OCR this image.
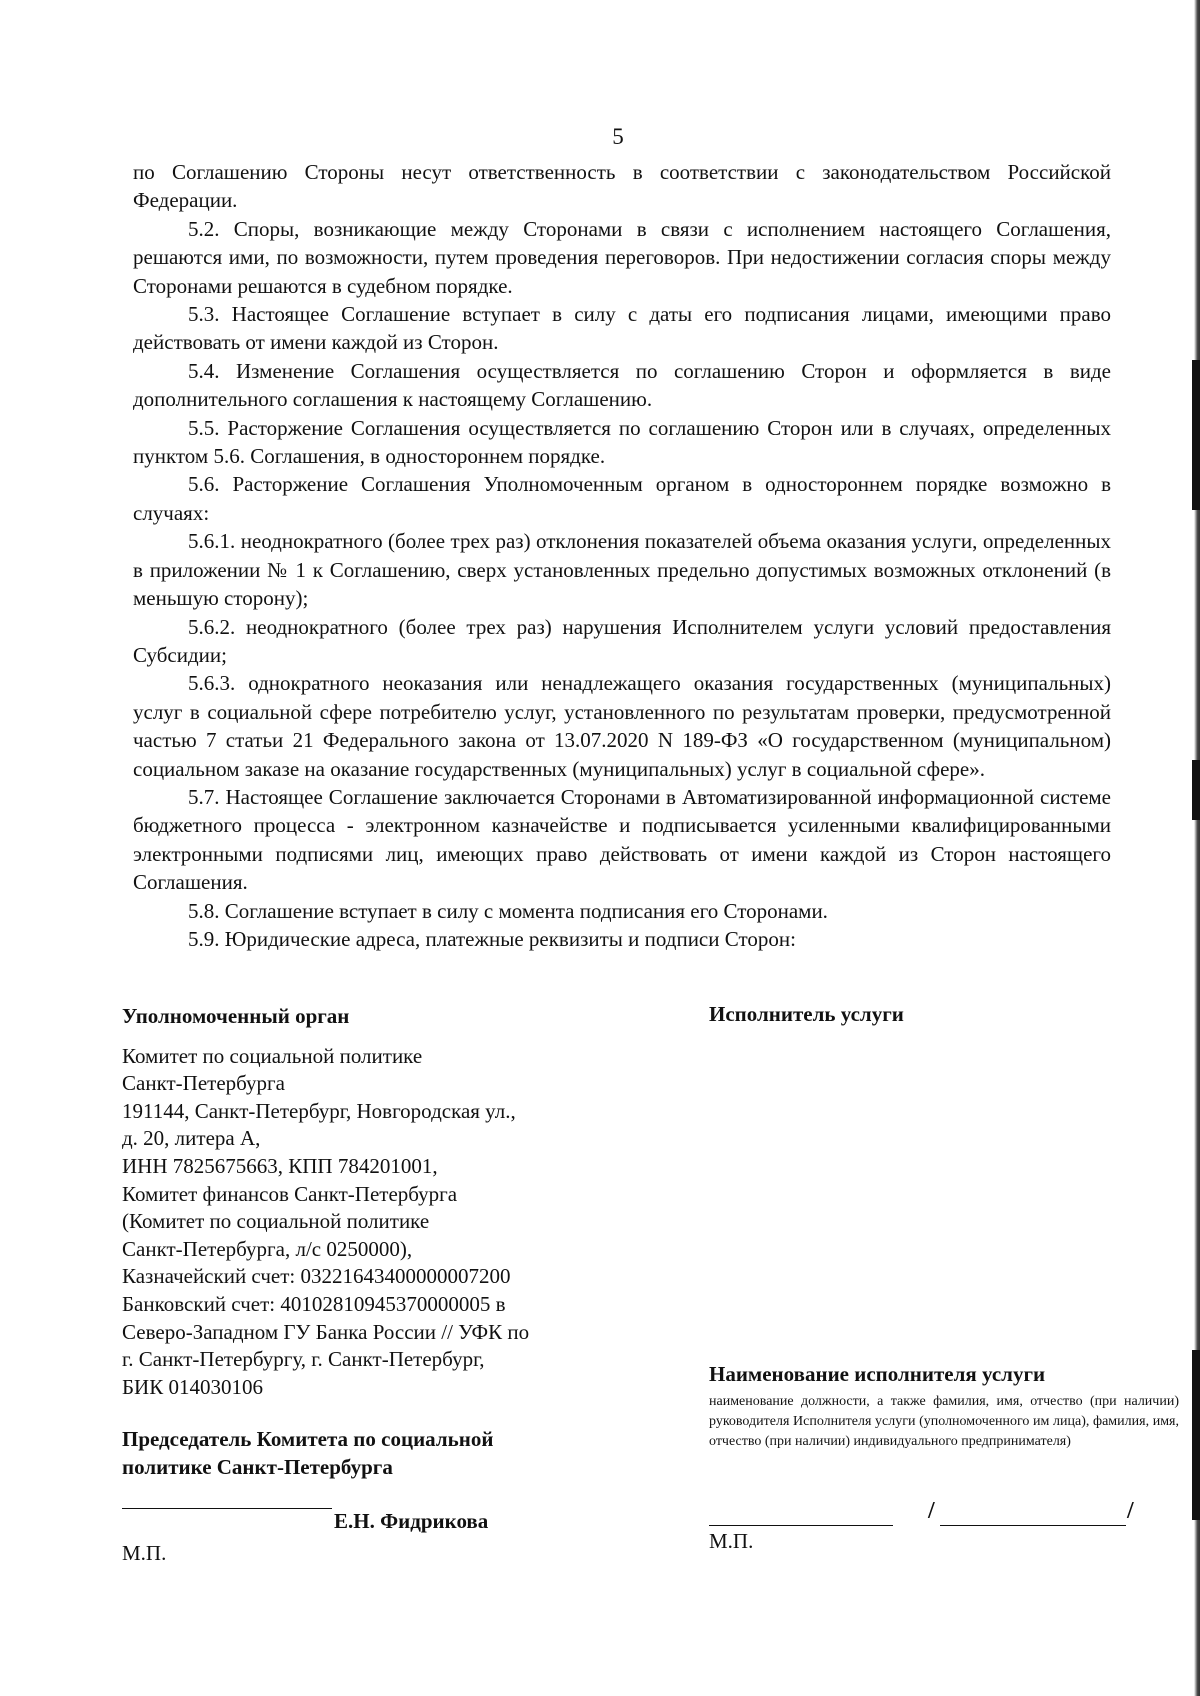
5

по Соглашению Стороны несут ответственность в соответствии с законодательством Российской Федерации.

5.2. Споры, возникающие между Сторонами в связи с исполнением настоящего Соглашения, решаются ими, по возможности, путем проведения переговоров. При недостижении согласия споры между Сторонами решаются в судебном порядке.

5.3. Настоящее Соглашение вступает в силу с даты его подписания лицами, имеющими право действовать от имени каждой из Сторон.

5.4. Изменение Соглашения осуществляется по соглашению Сторон и оформляется в виде дополнительного соглашения к настоящему Соглашению.

5.5. Расторжение Соглашения осуществляется по соглашению Сторон или в случаях, определенных пунктом 5.6. Соглашения, в одностороннем порядке.

5.6. Расторжение Соглашения Уполномоченным органом в одностороннем порядке возможно в случаях:

5.6.1. неоднократного (более трех раз) отклонения показателей объема оказания услуги, определенных в приложении № 1 к Соглашению, сверх установленных предельно допустимых возможных отклонений (в меньшую сторону);

5.6.2. неоднократного (более трех раз) нарушения Исполнителем услуги условий предоставления Субсидии;

5.6.3. однократного неоказания или ненадлежащего оказания государственных (муниципальных) услуг в социальной сфере потребителю услуг, установленного по результатам проверки, предусмотренной частью 7 статьи 21 Федерального закона от 13.07.2020 N 189-ФЗ «О государственном (муниципальном) социальном заказе на оказание государственных (муниципальных) услуг в социальной сфере».

5.7. Настоящее Соглашение заключается Сторонами в Автоматизированной информационной системе бюджетного процесса - электронном казначействе и подписывается усиленными квалифицированными электронными подписями лиц, имеющих право действовать от имени каждой из Сторон настоящего Соглашения.

5.8. Соглашение вступает в силу с момента подписания его Сторонами.

5.9. Юридические адреса, платежные реквизиты и подписи Сторон:

Уполномоченный орган

Комитет по социальной политике

Санкт-Петербурга

191144, Санкт-Петербург, Новгородская ул.,

д. 20, литера А,

ИНН 7825675663, КПП 784201001,

Комитет финансов Санкт-Петербурга

(Комитет по социальной политике

Санкт-Петербурга, л/с 0250000),

Казначейский счет: 03221643400000007200

Банковский счет: 40102810945370000005 в

Северо-Западном ГУ Банка России // УФК по

г. Санкт-Петербургу, г. Санкт-Петербург,

БИК 014030106

Председатель Комитета по социальной
политике Санкт-Петербурга
Е.Н. Фидрикова
М.П.

Исполнитель услуги

Наименование исполнителя услуги
наименование должности, а также фамилия, имя, отчество (при наличии) руководителя Исполнителя услуги (уполномоченного им лица), фамилия, имя, отчество (при наличии) индивидуального предпринимателя)
/	/
М.П.
